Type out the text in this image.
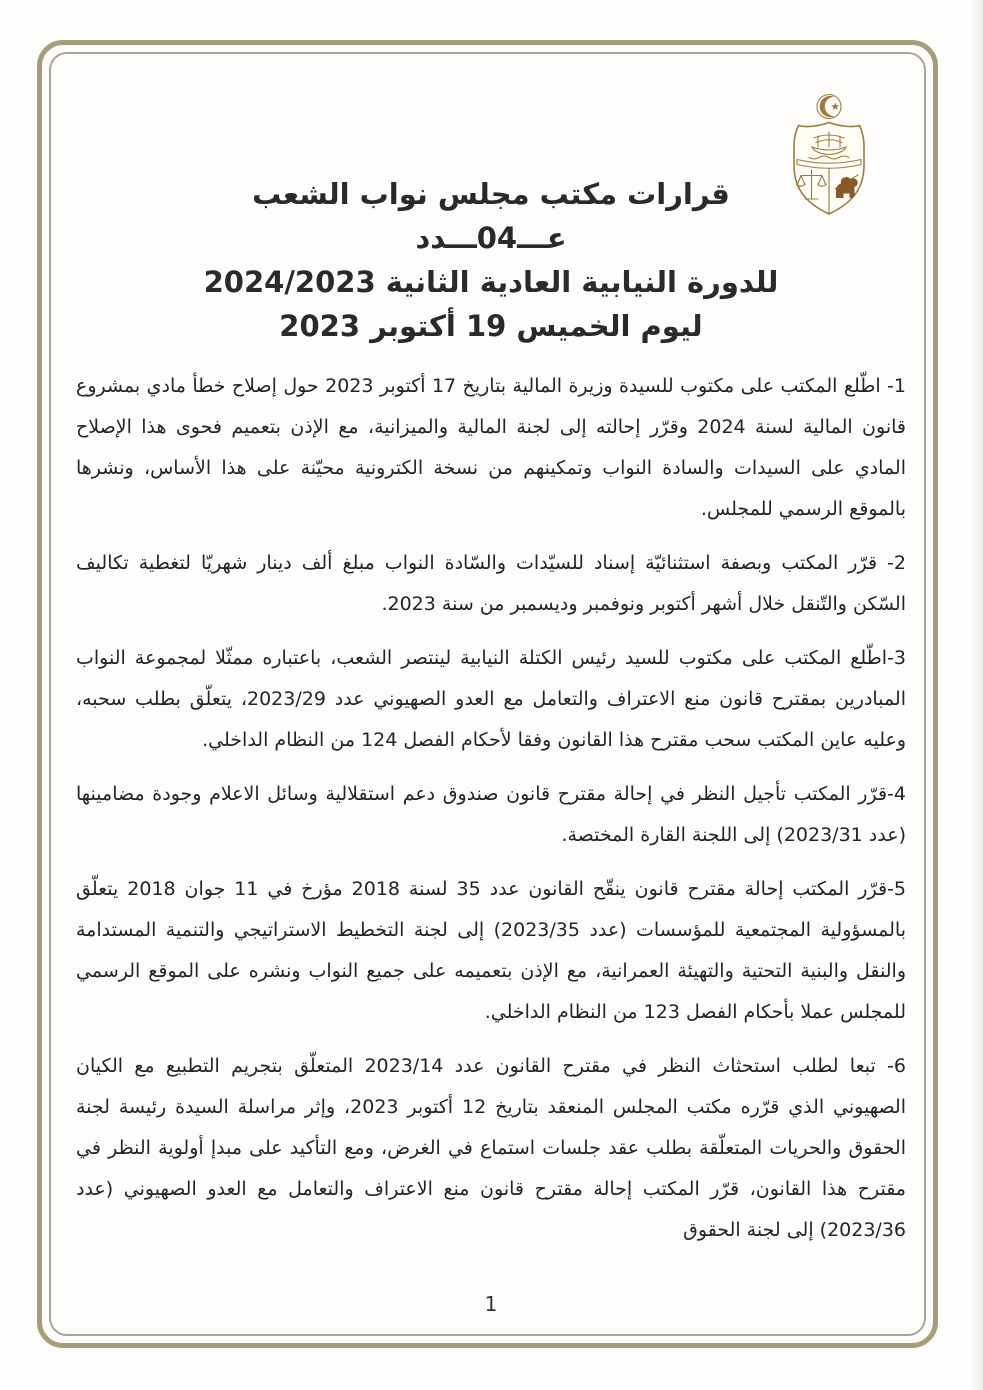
قرارات مكتب مجلس نواب الشعب
عـــ04ـــدد
للدورة النيابية العادية الثانية 2024/2023
ليوم الخميس 19 أكتوبر 2023

1- اطّلع المكتب على مكتوب للسيدة وزيرة المالية بتاريخ 17 أكتوبر 2023 حول إصلاح خطأ مادي بمشروع قانون المالية لسنة 2024 وقرّر إحالته إلى لجنة المالية والميزانية، مع الإذن بتعميم فحوى هذا الإصلاح المادي على السيدات والسادة النواب وتمكينهم من نسخة الكترونية محيّنة على هذا الأساس، ونشرها بالموقع الرسمي للمجلس.

2- قرّر المكتب وبصفة استثنائيّة إسناد للسيّدات والسّادة النواب مبلغ ألف دينار شهريّا لتغطية تكاليف السّكن والتّنقل خلال أشهر أكتوبر ونوفمبر وديسمبر من سنة 2023.

3-اطّلع المكتب على مكتوب للسيد رئيس الكتلة النيابية لينتصر الشعب، باعتباره ممثّلا لمجموعة النواب المبادرين بمقترح قانون منع الاعتراف والتعامل مع العدو الصهيوني عدد 2023/29، يتعلّق بطلب سحبه، وعليه عاين المكتب سحب مقترح هذا القانون وفقا لأحكام الفصل 124 من النظام الداخلي.

4-قرّر المكتب تأجيل النظر في إحالة مقترح قانون صندوق دعم استقلالية وسائل الاعلام وجودة مضامينها (عدد 2023/31) إلى اللجنة القارة المختصة.

5-قرّر المكتب إحالة مقترح قانون ينقّح القانون عدد 35 لسنة 2018 مؤرخ في 11 جوان 2018 يتعلّق بالمسؤولية المجتمعية للمؤسسات (عدد 2023/35) إلى لجنة التخطيط الاستراتيجي والتنمية المستدامة والنقل والبنية التحتية والتهيئة العمرانية، مع الإذن بتعميمه على جميع النواب ونشره على الموقع الرسمي للمجلس عملا بأحكام الفصل 123 من النظام الداخلي.

6- تبعا لطلب استحثاث النظر في مقترح القانون عدد 2023/14 المتعلّق بتجريم التطبيع مع الكيان الصهيوني الذي قرّره مكتب المجلس المنعقد بتاريخ 12 أكتوبر 2023، وإثر مراسلة السيدة رئيسة لجنة الحقوق والحريات المتعلّقة بطلب عقد جلسات استماع في الغرض، ومع التأكيد على مبدإ أولوية النظر في مقترح هذا القانون، قرّر المكتب إحالة مقترح قانون منع الاعتراف والتعامل مع العدو الصهيوني (عدد 2023/36) إلى لجنة الحقوق

1
